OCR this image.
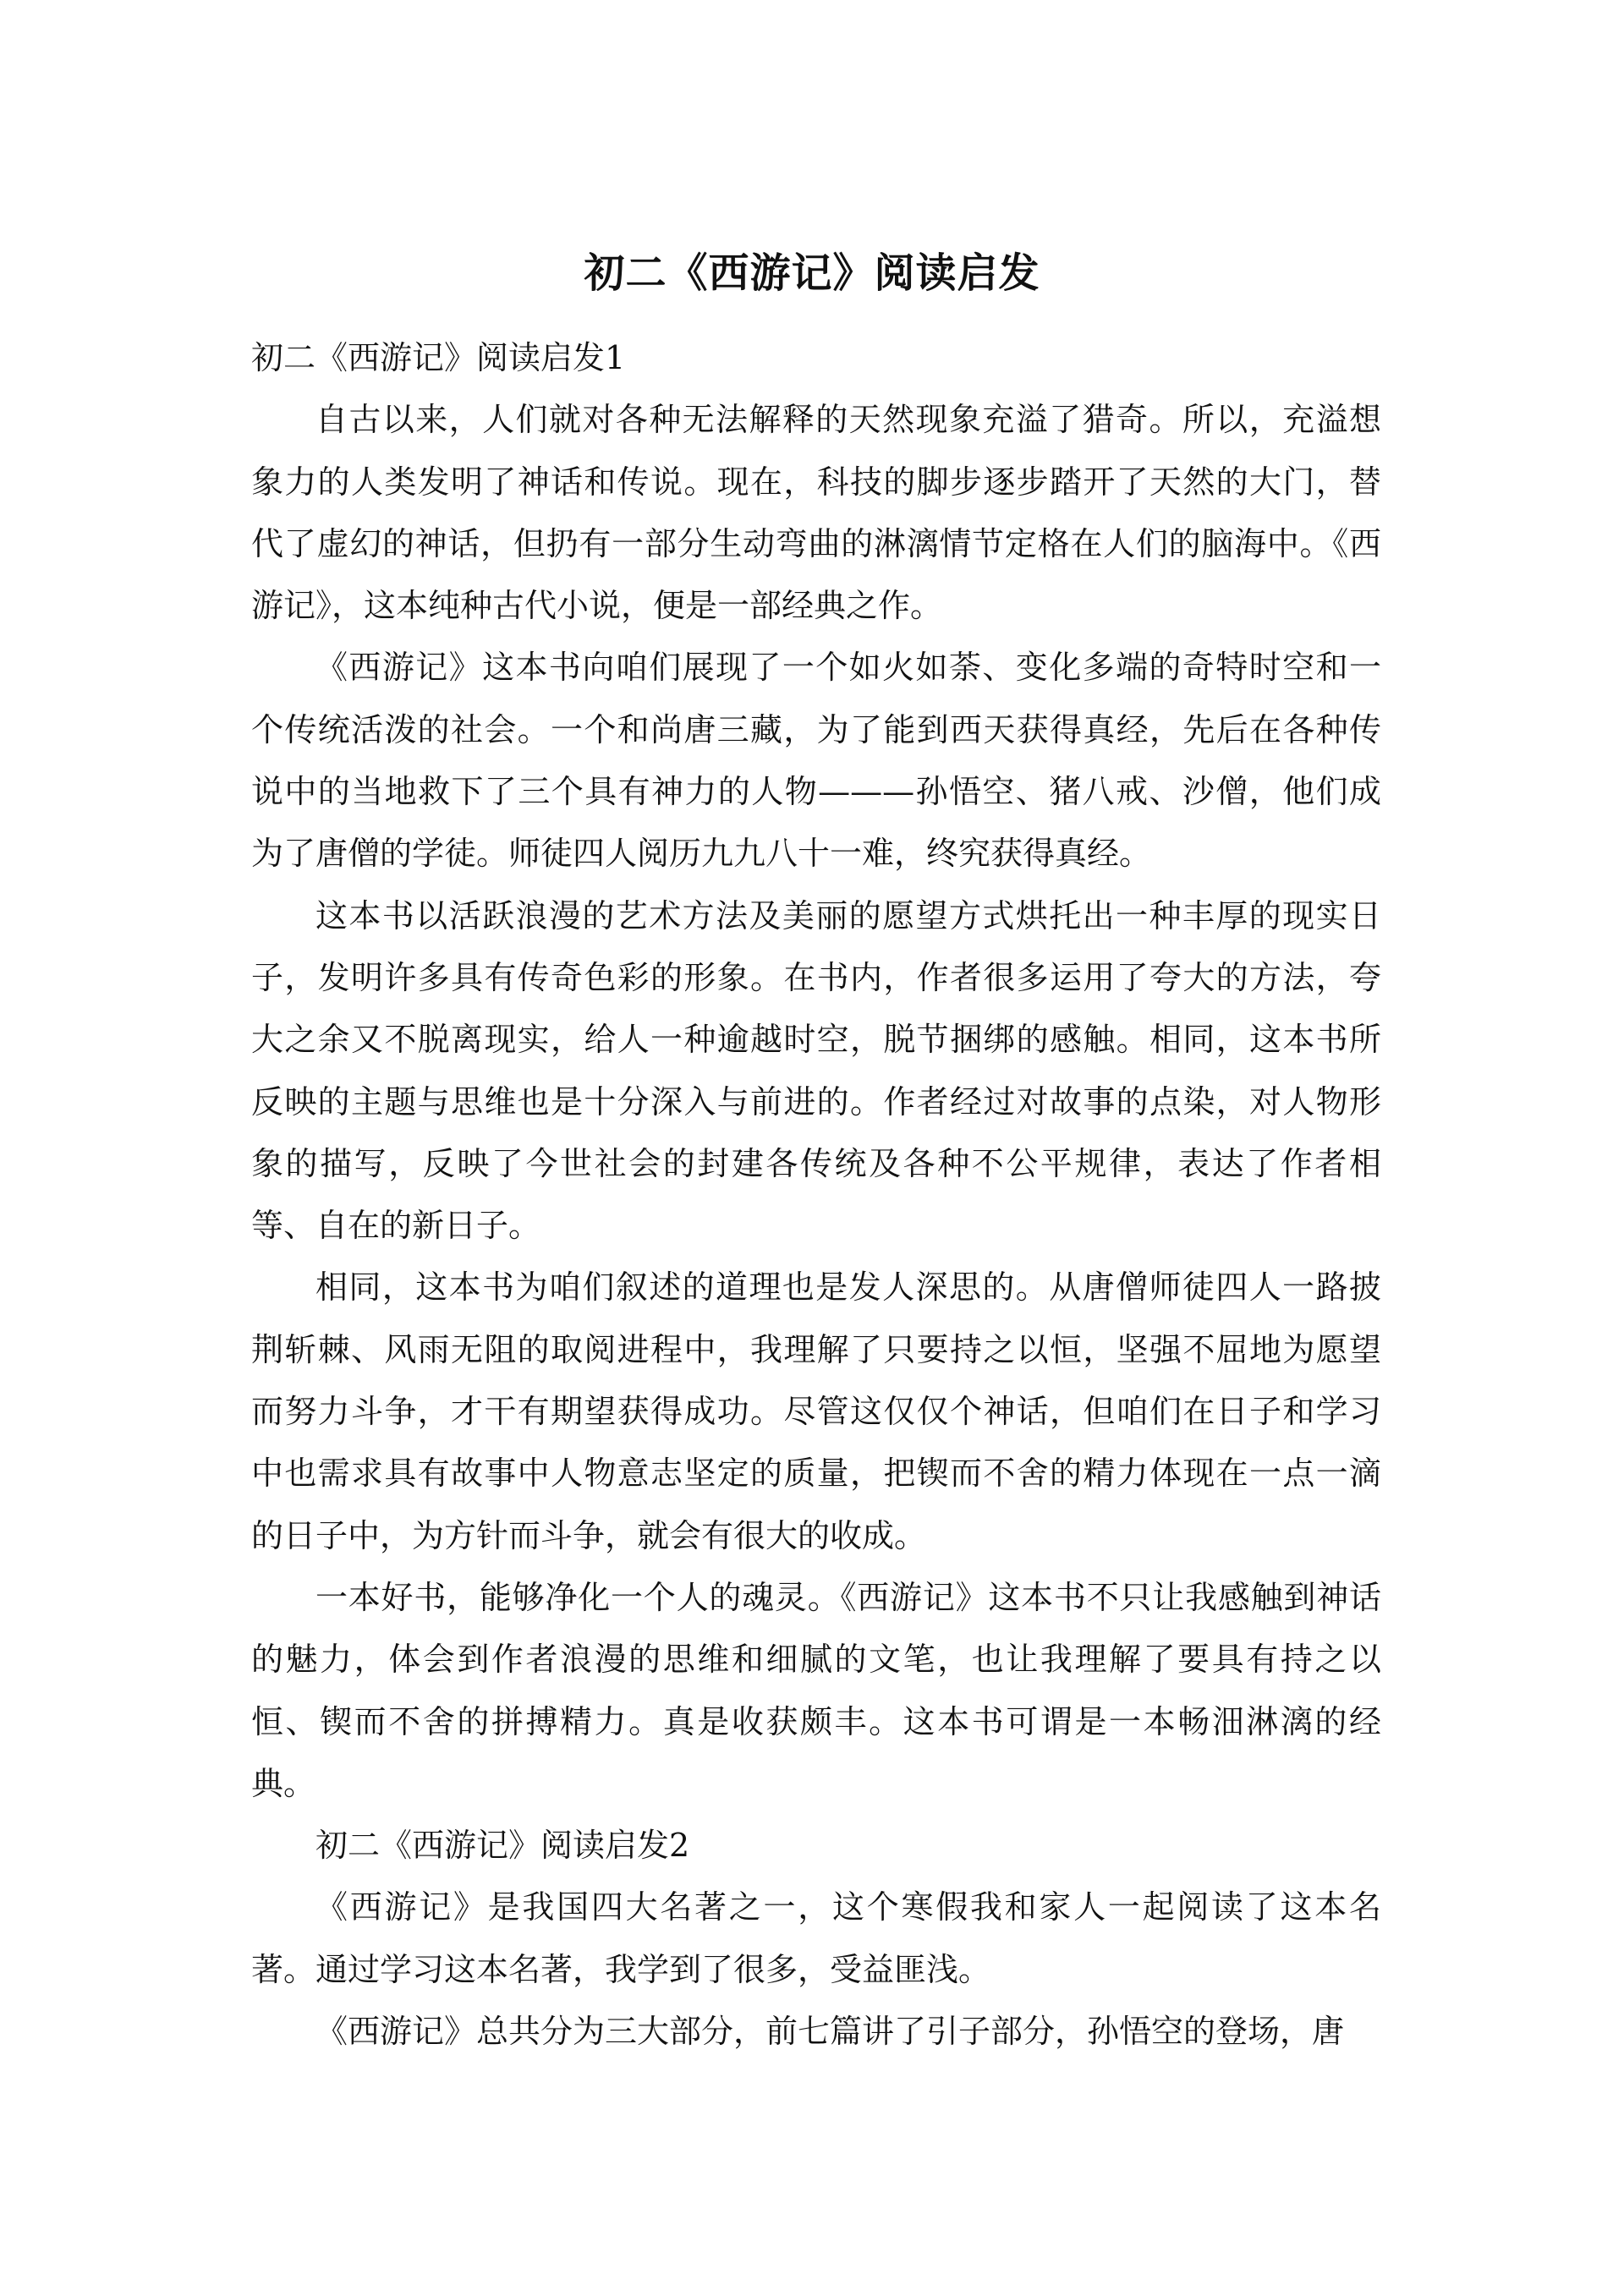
初二《西游记》阅读启发
初二《西游记》阅读启发1
自古以来，人们就对各种无法解释的天然现象充溢了猎奇。所以，充溢想
象力的人类发明了神话和传说。现在，科技的脚步逐步踏开了天然的大门，替
代了虚幻的神话，但扔有一部分生动弯曲的淋漓情节定格在人们的脑海中。《西
游记》，这本纯种古代小说，便是一部经典之作。
《西游记》这本书向咱们展现了一个如火如荼、变化多端的奇特时空和一
个传统活泼的社会。一个和尚唐三藏，为了能到西天获得真经，先后在各种传
说中的当地救下了三个具有神力的人物———孙悟空、猪八戒、沙僧，他们成
为了唐僧的学徒。师徒四人阅历九九八十一难，终究获得真经。
这本书以活跃浪漫的艺术方法及美丽的愿望方式烘托出一种丰厚的现实日
子，发明许多具有传奇色彩的形象。在书内，作者很多运用了夸大的方法，夸
大之余又不脱离现实，给人一种逾越时空，脱节捆绑的感触。相同，这本书所
反映的主题与思维也是十分深入与前进的。作者经过对故事的点染，对人物形
象的描写，反映了今世社会的封建各传统及各种不公平规律，表达了作者相
等、自在的新日子。
相同，这本书为咱们叙述的道理也是发人深思的。从唐僧师徒四人一路披
荆斩棘、风雨无阻的取阅进程中，我理解了只要持之以恒，坚强不屈地为愿望
而努力斗争，才干有期望获得成功。尽管这仅仅个神话，但咱们在日子和学习
中也需求具有故事中人物意志坚定的质量，把锲而不舍的精力体现在一点一滴
的日子中，为方针而斗争，就会有很大的收成。
一本好书，能够净化一个人的魂灵。《西游记》这本书不只让我感触到神话
的魅力，体会到作者浪漫的思维和细腻的文笔，也让我理解了要具有持之以
恒、锲而不舍的拼搏精力。真是收获颇丰。这本书可谓是一本畅沺淋漓的经
典。
初二《西游记》阅读启发2
《西游记》是我国四大名著之一，这个寒假我和家人一起阅读了这本名
著。通过学习这本名著，我学到了很多，受益匪浅。
《西游记》总共分为三大部分，前七篇讲了引子部分，孙悟空的登场，唐
